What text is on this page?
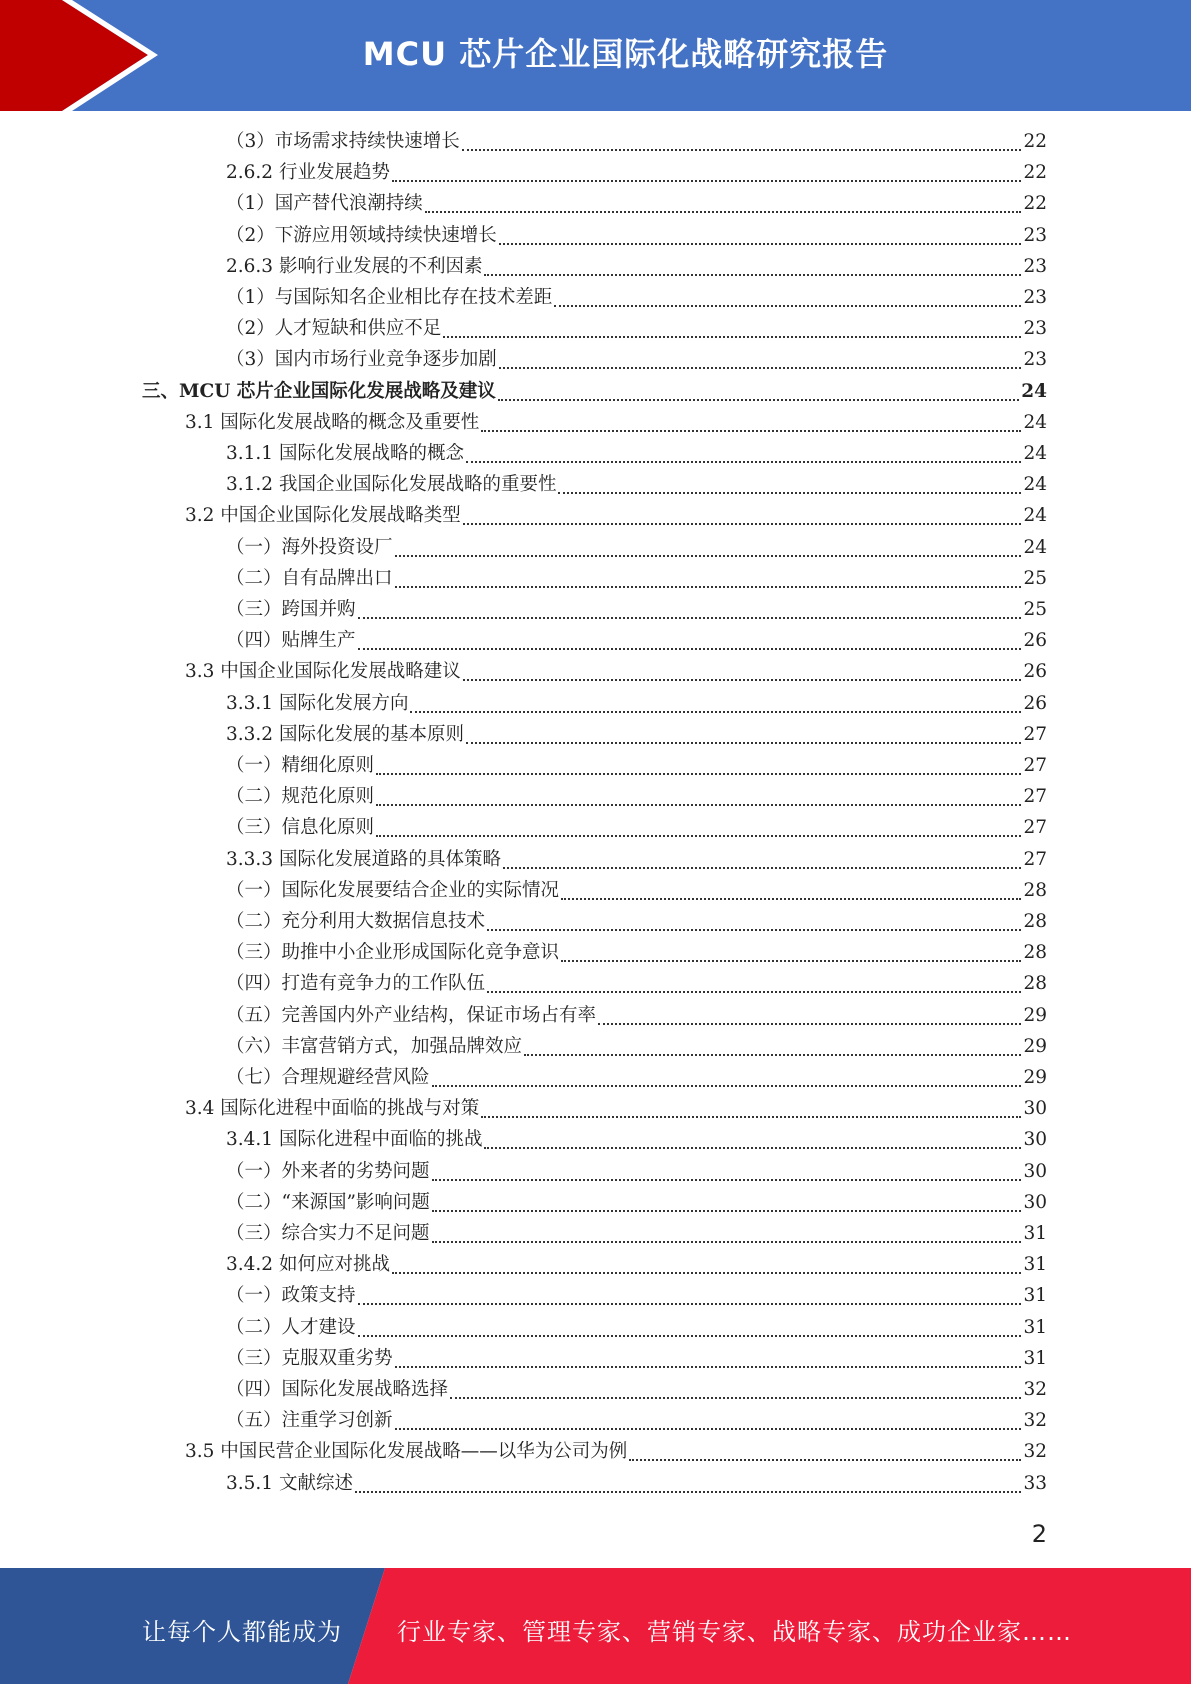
MCU 芯片企业国际化战略研究报告
（3）市场需求持续快速增长	22
2.6.2 行业发展趋势	22
（1）国产替代浪潮持续	22
（2）下游应用领域持续快速增长	23
2.6.3 影响行业发展的不利因素	23
（1）与国际知名企业相比存在技术差距	23
（2）人才短缺和供应不足	23
（3）国内市场行业竞争逐步加剧	23
三、MCU 芯片企业国际化发展战略及建议	24
3.1 国际化发展战略的概念及重要性	24
3.1.1 国际化发展战略的概念	24
3.1.2 我国企业国际化发展战略的重要性	24
3.2 中国企业国际化发展战略类型	24
（一）海外投资设厂	24
（二）自有品牌出口	25
（三）跨国并购	25
（四）贴牌生产	26
3.3 中国企业国际化发展战略建议	26
3.3.1 国际化发展方向	26
3.3.2 国际化发展的基本原则	27
（一）精细化原则	27
（二）规范化原则	27
（三）信息化原则	27
3.3.3 国际化发展道路的具体策略	27
（一）国际化发展要结合企业的实际情况	28
（二）充分利用大数据信息技术	28
（三）助推中小企业形成国际化竞争意识	28
（四）打造有竞争力的工作队伍	28
（五）完善国内外产业结构，保证市场占有率	29
（六）丰富营销方式，加强品牌效应	29
（七）合理规避经营风险	29
3.4 国际化进程中面临的挑战与对策	30
3.4.1 国际化进程中面临的挑战	30
（一）外来者的劣势问题	30
（二）“来源国”影响问题	30
（三）综合实力不足问题	31
3.4.2 如何应对挑战	31
（一）政策支持	31
（二）人才建设	31
（三）克服双重劣势	31
（四）国际化发展战略选择	32
（五）注重学习创新	32
3.5 中国民营企业国际化发展战略——以华为公司为例	32
3.5.1 文献综述	33
2
让每个人都能成为 行业专家、管理专家、营销专家、战略专家、成功企业家……
